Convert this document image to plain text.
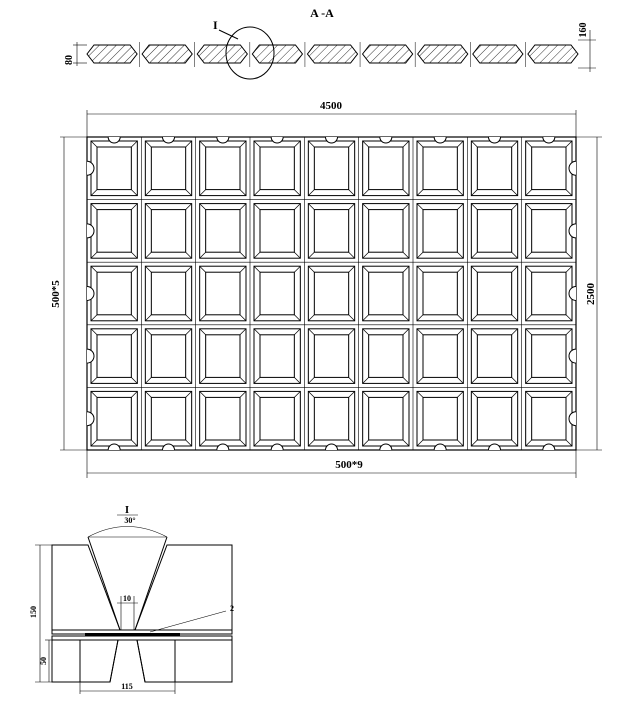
A -A
I
80
160
4500
500*9
500*5	2500
I
30°
10
2
150
50
115
